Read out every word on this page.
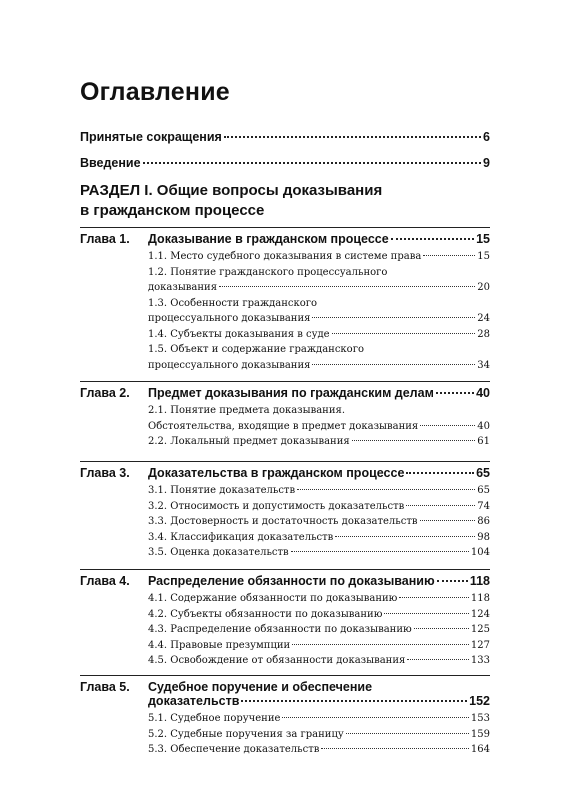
Оглавление
Принятые сокращения	6
Введение	9
РАЗДЕЛ I. Общие вопросы доказывания
в гражданском процессе
Глава 1.	Доказывание в гражданском процессе	15
1.1. Место судебного доказывания в системе права	15
1.2. Понятие гражданского процессуального
доказывания	20
1.3. Особенности гражданского
процессуального доказывания	24
1.4. Субъекты доказывания в суде	28
1.5. Объект и содержание гражданского
процессуального доказывания	34
Глава 2.	Предмет доказывания по гражданским делам	40
2.1. Понятие предмета доказывания.
Обстоятельства, входящие в предмет доказывания	40
2.2. Локальный предмет доказывания	61
Глава 3.	Доказательства в гражданском процессе	65
3.1. Понятие доказательств	65
3.2. Относимость и допустимость доказательств	74
3.3. Достоверность и достаточность доказательств	86
3.4. Классификация доказательств	98
3.5. Оценка доказательств	104
Глава 4.	Распределение обязанности по доказыванию	118
4.1. Содержание обязанности по доказыванию	118
4.2. Субъекты обязанности по доказыванию	124
4.3. Распределение обязанности по доказыванию	125
4.4. Правовые презумпции	127
4.5. Освобождение от обязанности доказывания	133
Глава 5.	Судебное поручение и обеспечение
доказательств	152
5.1. Судебное поручение	153
5.2. Судебные поручения за границу	159
5.3. Обеспечение доказательств	164
